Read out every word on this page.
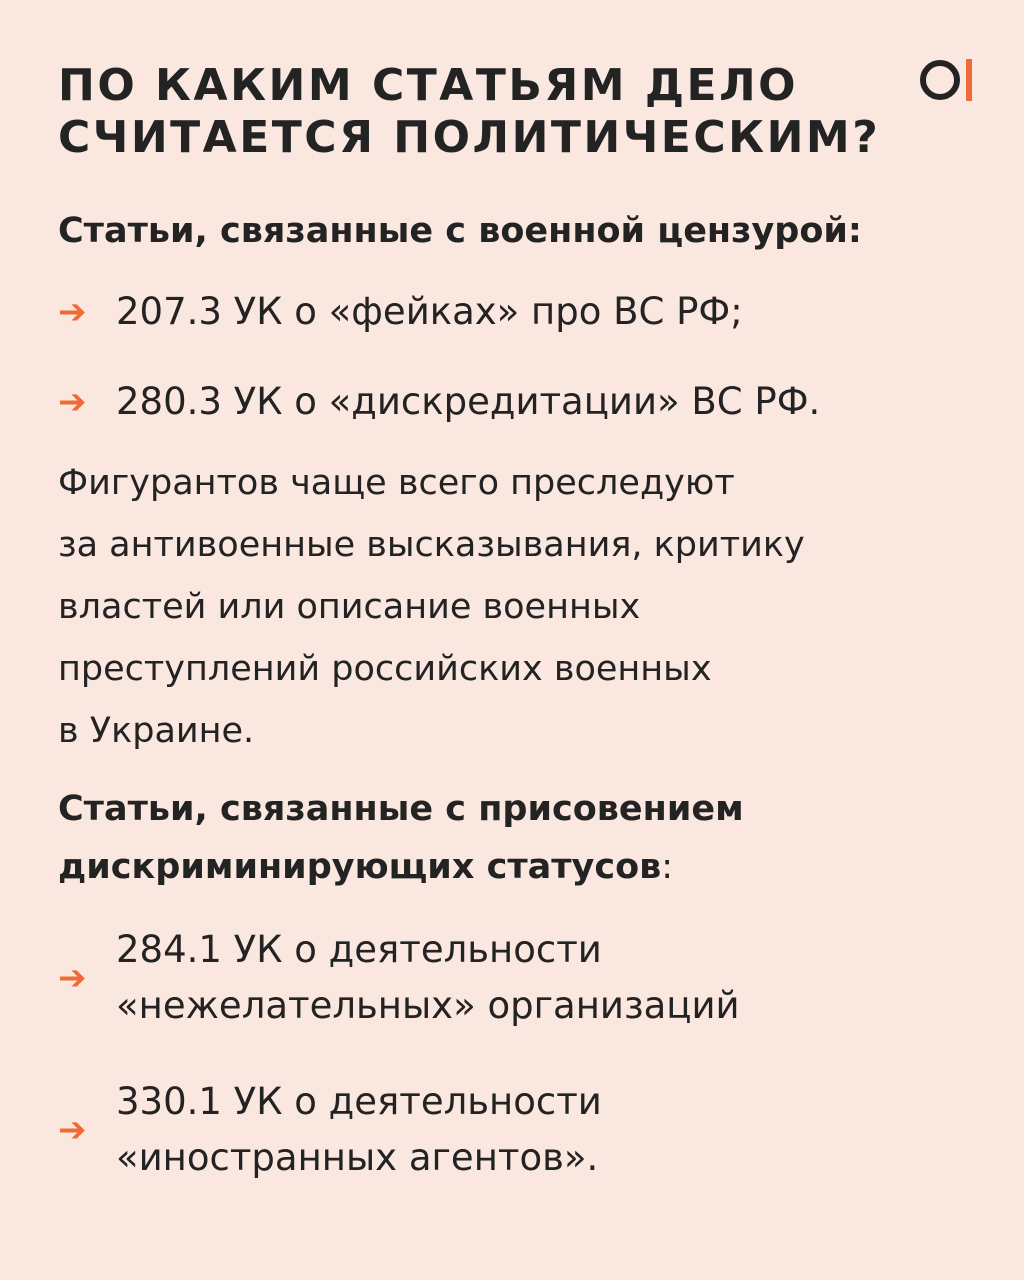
ПО КАКИМ СТАТЬЯМ ДЕЛО
СЧИТАЕТСЯ ПОЛИТИЧЕСКИМ?
Статьи, связанные с военной цензурой:
➔ 207.3 УК о «фейках» про ВС РФ;
➔ 280.3 УК о «дискредитации» ВС РФ.

Фигурантов чаще всего преследуют
за антивоенные высказывания, критику
властей или описание военных
преступлений российских военных
в Украине.

Статьи, связанные с присовением
дискриминирующих статусов:
➔
284.1 УК о деятельности
«нежелательных» организаций
➔
330.1 УК о деятельности
«иностранных агентов».
